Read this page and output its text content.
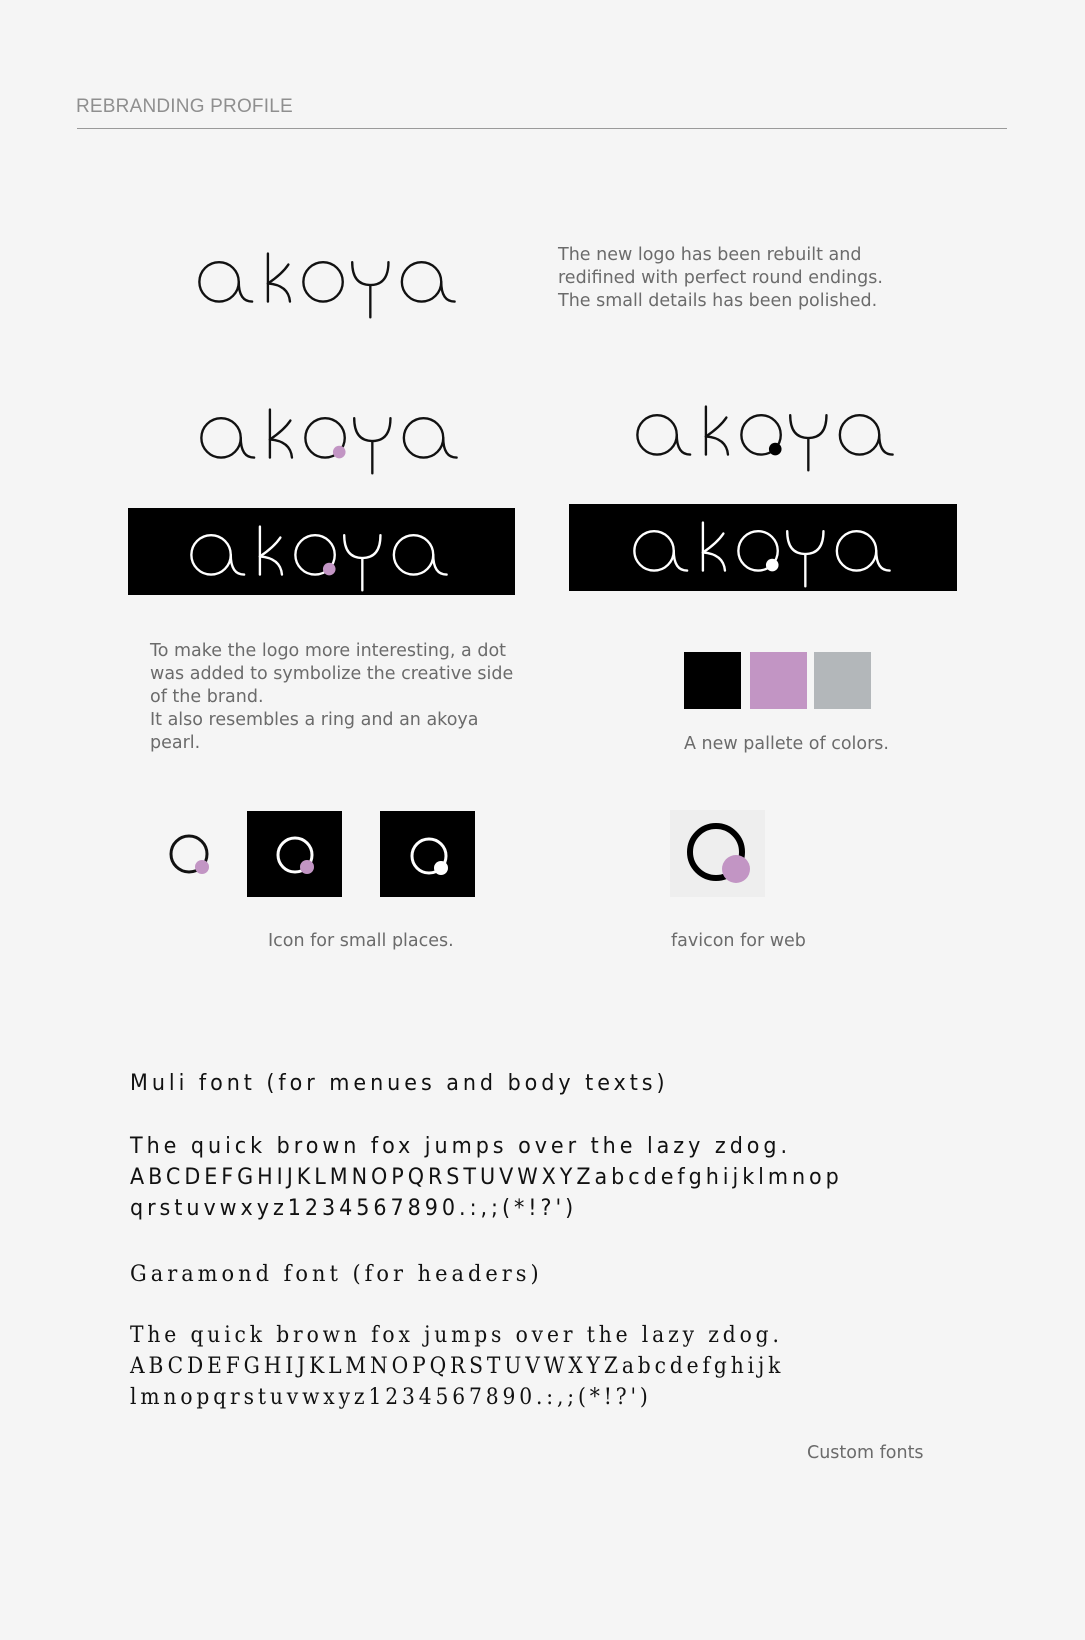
REBRANDING PROFILE
The new logo has been rebuilt and
redifined with perfect round endings.
The small details has been polished.
To make the logo more interesting, a dot
was added to symbolize the creative side
of the brand.
It also resembles a ring and an akoya
pearl.	A new pallete of colors.
Icon for small places.	favicon for web
Muli font (for menues and body texts)
The quick brown fox jumps over the lazy zdog.
ABCDEFGHIJKLMNOPQRSTUVWXYZabcdefghijklmnop
qrstuvwxyz1234567890.:,;(*!?')
Garamond font (for headers)
The quick brown fox jumps over the lazy zdog.
ABCDEFGHIJKLMNOPQRSTUVWXYZabcdefghijk
lmnopqrstuvwxyz1234567890.:,;(*!?')
Custom fonts
